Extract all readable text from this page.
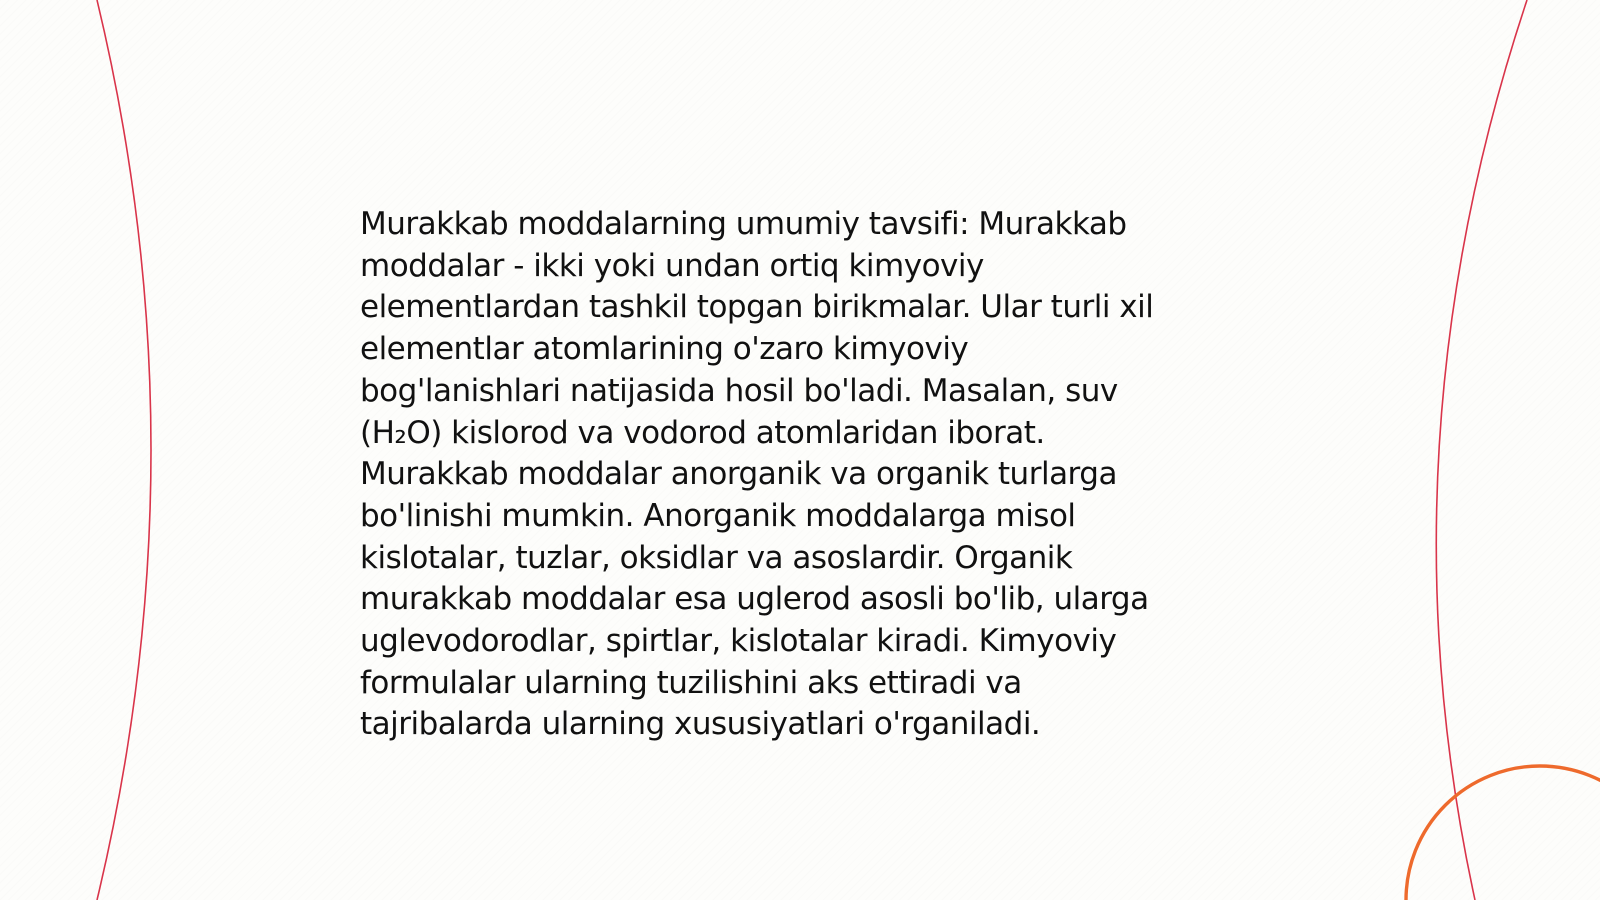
Murakkab moddalarning umumiy tavsifi: Murakkab
moddalar - ikki yoki undan ortiq kimyoviy
elementlardan tashkil topgan birikmalar. Ular turli xil
elementlar atomlarining o'zaro kimyoviy
bog'lanishlari natijasida hosil bo'ladi. Masalan, suv
(H₂O) kislorod va vodorod atomlaridan iborat.
Murakkab moddalar anorganik va organik turlarga
bo'linishi mumkin. Anorganik moddalarga misol
kislotalar, tuzlar, oksidlar va asoslardir. Organik
murakkab moddalar esa uglerod asosli bo'lib, ularga
uglevodorodlar, spirtlar, kislotalar kiradi. Kimyoviy
formulalar ularning tuzilishini aks ettiradi va
tajribalarda ularning xususiyatlari o'rganiladi.
